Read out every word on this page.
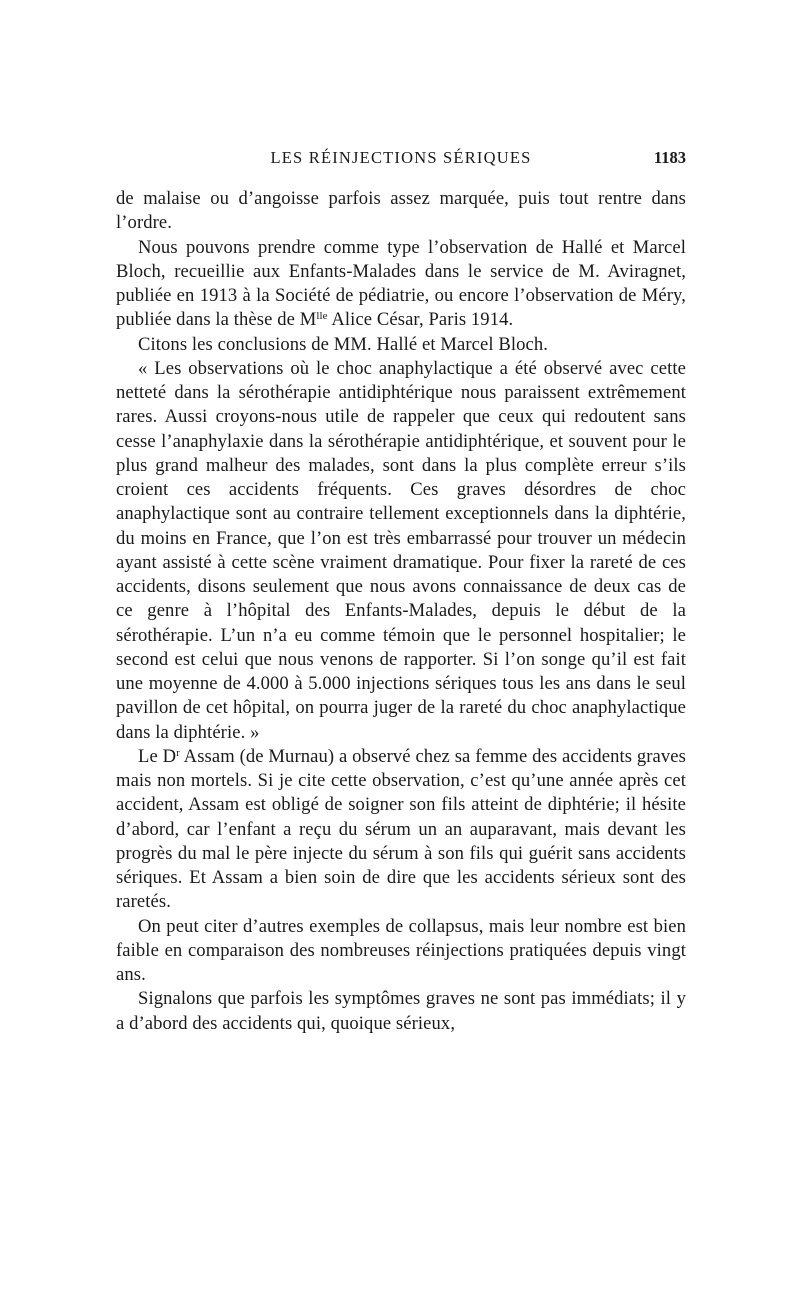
LES RÉINJECTIONS SÉRIQUES	1183

de malaise ou d’angoisse parfois assez marquée, puis tout rentre dans l’ordre.

Nous pouvons prendre comme type l’observation de Hallé et Marcel Bloch, recueillie aux Enfants-Malades dans le service de M. Aviragnet, publiée en 1913 à la Société de pédiatrie, ou encore l’observation de Méry, publiée dans la thèse de $M^{lle}$ Alice César, Paris 1914.

Citons les conclusions de MM. Hallé et Marcel Bloch.

« Les observations où le choc anaphylactique a été observé avec cette netteté dans la sérothérapie antidiphtérique nous paraissent extrêmement rares. Aussi croyons-nous utile de rappeler que ceux qui redoutent sans cesse l’anaphylaxie dans la sérothérapie antidiphtérique, et souvent pour le plus grand malheur des malades, sont dans la plus complète erreur s’ils croient ces accidents fréquents. Ces graves désordres de choc anaphylactique sont au contraire tellement exceptionnels dans la diphtérie, du moins en France, que l’on est très embarrassé pour trouver un médecin ayant assisté à cette scène vraiment dramatique. Pour fixer la rareté de ces accidents, disons seulement que nous avons connaissance de deux cas de ce genre à l’hôpital des Enfants-Malades, depuis le début de la sérothérapie. L’un n’a eu comme témoin que le personnel hospitalier; le second est celui que nous venons de rapporter. Si l’on songe qu’il est fait une moyenne de 4.000 à 5.000 injections sériques tous les ans dans le seul pavillon de cet hôpital, on pourra juger de la rareté du choc anaphylactique dans la diphtérie. »

Le $D^r$ Assam (de Murnau) a observé chez sa femme des accidents graves mais non mortels. Si je cite cette observation, c’est qu’une année après cet accident, Assam est obligé de soigner son fils atteint de diphtérie; il hésite d’abord, car l’enfant a reçu du sérum un an auparavant, mais devant les progrès du mal le père injecte du sérum à son fils qui guérit sans accidents sériques. Et Assam a bien soin de dire que les accidents sérieux sont des raretés.

On peut citer d’autres exemples de collapsus, mais leur nombre est bien faible en comparaison des nombreuses réinjections pratiquées depuis vingt ans.

Signalons que parfois les symptômes graves ne sont pas immédiats; il y a d’abord des accidents qui, quoique sérieux,
